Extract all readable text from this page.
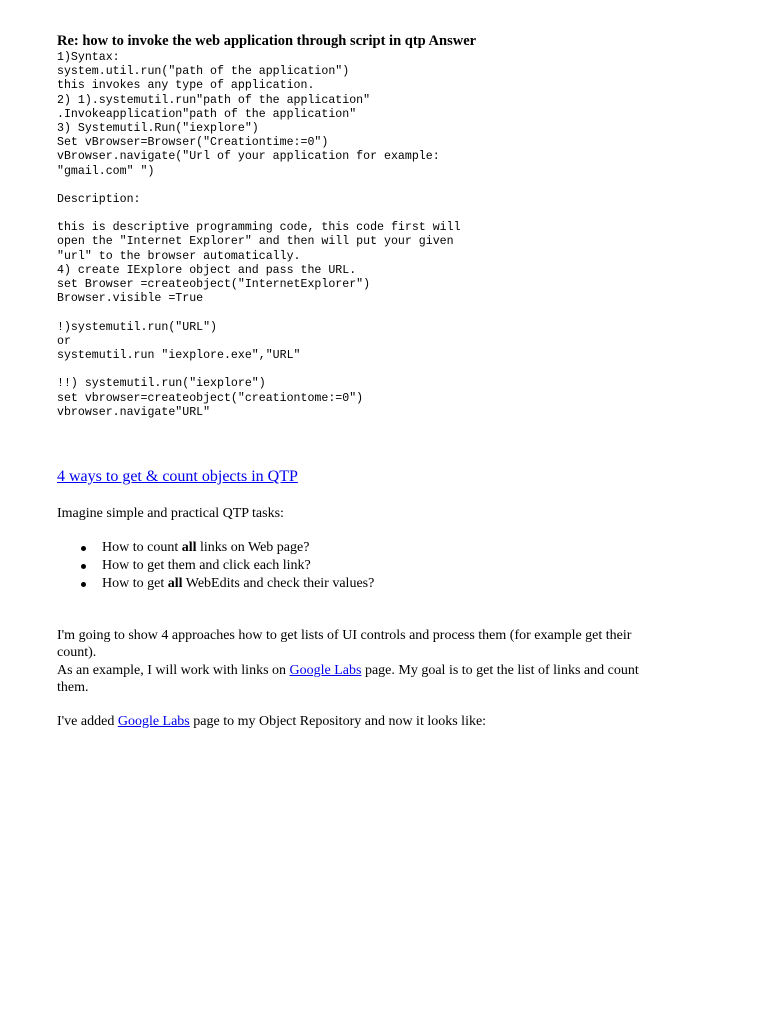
Re: how to invoke the web application through script in qtp Answer
1)Syntax:
system.util.run("path of the application")
this invokes any type of application.
2) 1).systemutil.run"path of the application"
.Invokeapplication"path of the application"
3) Systemutil.Run("iexplore")
Set vBrowser=Browser("Creationtime:=0")
vBrowser.navigate("Url of your application for example:
"gmail.com" ")
Description:
this is descriptive programming code, this code first will
open the "Internet Explorer" and then will put your given
"url" to the browser automatically.
4) create IExplore object and pass the URL.
set Browser =createobject("InternetExplorer")
Browser.visible =True
!)systemutil.run("URL")
or
systemutil.run "iexplore.exe","URL"
!!) systemutil.run("iexplore")
set vbrowser=createobject("creationtome:=0")
vbrowser.navigate"URL"
4 ways to get & count objects in QTP
Imagine simple and practical QTP tasks:
How to count all links on Web page?
How to get them and click each link?
How to get all WebEdits and check their values?
I'm going to show 4 approaches how to get lists of UI controls and process them (for example get their count).
As an example, I will work with links on Google Labs page. My goal is to get the list of links and count them.
I've added Google Labs page to my Object Repository and now it looks like:
